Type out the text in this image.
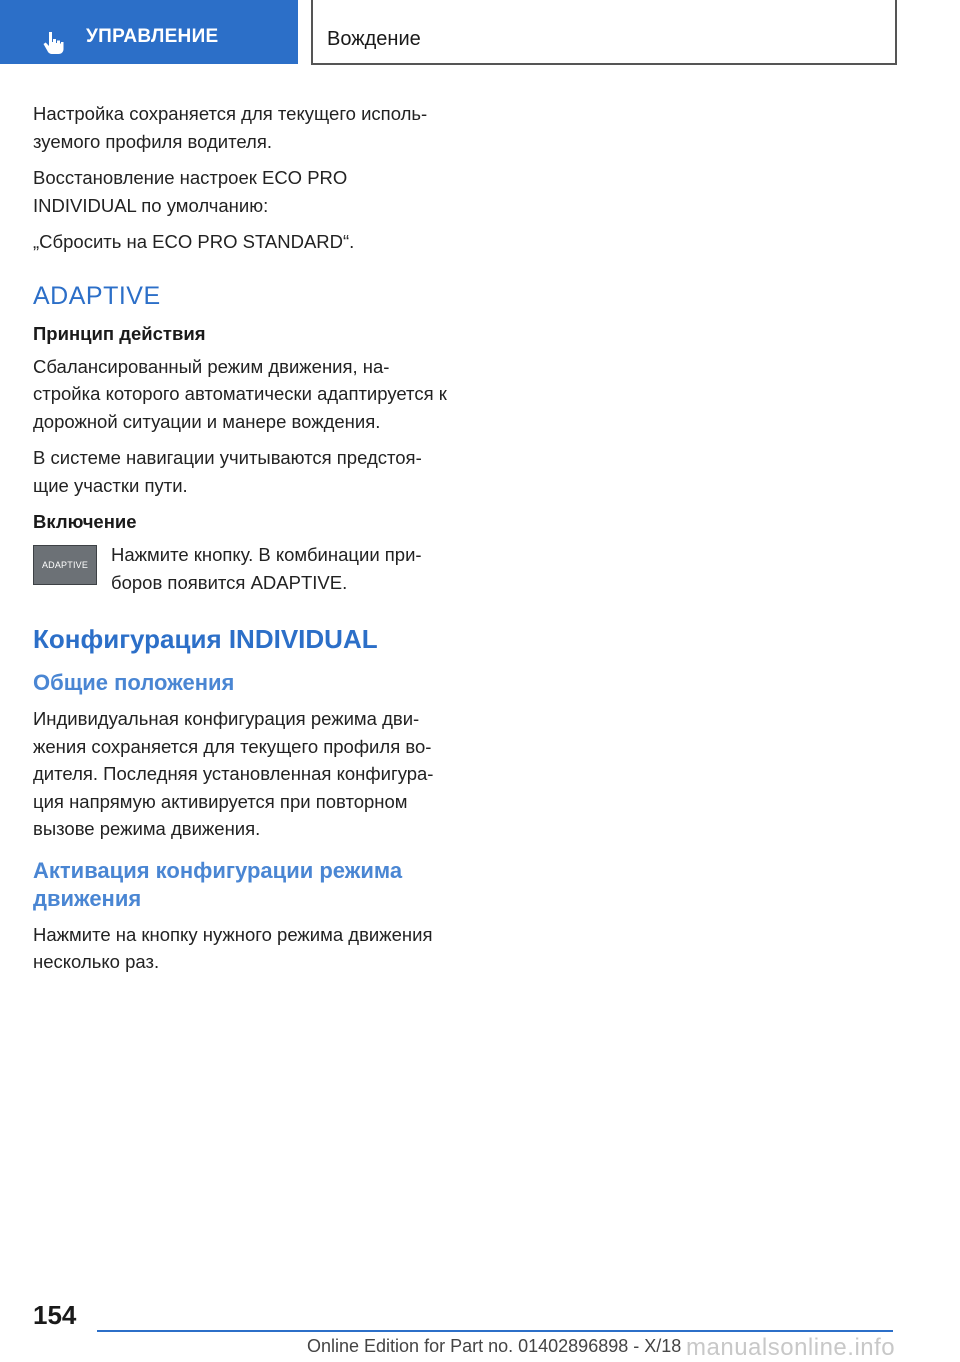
УПРАВЛЕНИЕ	Вождение

Настройка сохраняется для текущего исполь-зуемого профиля водителя.

Восстановление настроек ECO PRO INDIVIDUAL по умолчанию:

„Сбросить на ECO PRO STANDARD“.

ADAPTIVE
Принцип действия

Сбалансированный режим движения, на-стройка которого автоматически адаптируется к дорожной ситуации и манере вождения.

В системе навигации учитываются предстоя-щие участки пути.

Включение
ADAPTIVE	Нажмите кнопку. В комбинации при-боров появится ADAPTIVE.

Конфигурация INDIVIDUAL
Общие положения

Индивидуальная конфигурация режима дви-жения сохраняется для текущего профиля во-дителя. Последняя установленная конфигура-ция напрямую активируется при повторном вызове режима движения.

Активация конфигурации режима движения

Нажмите на кнопку нужного режима движения несколько раз.

154
Online Edition for Part no. 01402896898 - X/18 manualsonline.info
